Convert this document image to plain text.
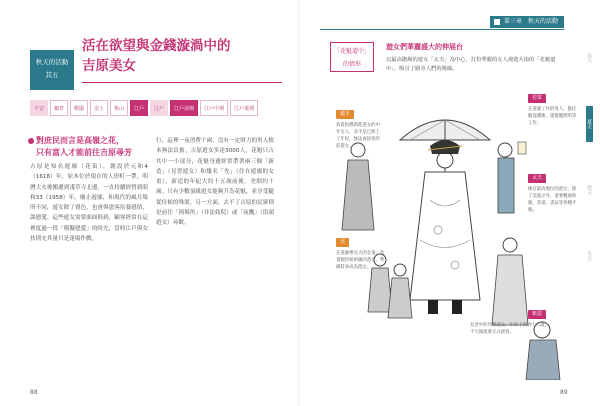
秋天的活動
其五
活在欲望與金錢漩渦中的
吉原美女
平安	鎌倉	戰國	安土	桃山	江戶	江戶	江戶前期	江戶中期	江戶後期
對庶民而言是高嶺之花，
只有富人才能前往吉原尋芳
吉原是知名遊廓（花街），創設於元和4（1618）年，原本位於現在的人形町一帶，明曆大火後搬遷到淺草寺北邊，一直持續經營到昭和33（1958）年。廢止遊廓，和現代的風月場所不同，遊女除了賣色，也會與恩客培養感情，談戀愛。這些遊女需要面面俱到，顧客經常在這裡度過一段「模擬戀愛」的時光，當時江戶與女扶則充其量只是逢場作戲。
行，這裡一夜消費千兩，沒有一定財力的男人根本無法負擔。吉原遊女多達3000人，花魁只占其中一小部分，花魁身邊經常帶著兩三個「新造」（見習遊女）和幾名「禿」（住在遊廓的女童）。新造的年紀大約十五歲前後，禿則約十歲。只有少數頂級遊女能夠升為花魁，並享受隨從侍候的殊榮。另一方面，去不了吉原的民眾則是前往「岡場所」（非法妓院）或「夜鷹」（街頭遊女）尋歡。
88
春天
夏天
秋天
冬天
第三章　秋天的活動
「花魁道中」
的情形
遊女們華麗盛大的伸展台
以最高階級的遊女「太夫」為中心，打扮華麗的女人漫遊大街的「花魁道中」，吸引了路旁人們的視線。
遣手
負責指導新進遊女的中年女人，多半是已經上了年紀，無法再接客的前遊女。
若眾
在遊廓工作的男人，擔任隨從護衛、提燈籠照明等工作。
太夫
擁有最高地位的遊女，除了美貌之外，還要精通和歌、茶道、書法等各種才藝。
禿
在遊廓裡長大的女童，負責服侍姐姐級的遊女，準備將來成為遊女。
新造
見習中的年輕遊女，年約十四到十六歲，不久後就會正式接客。
89
